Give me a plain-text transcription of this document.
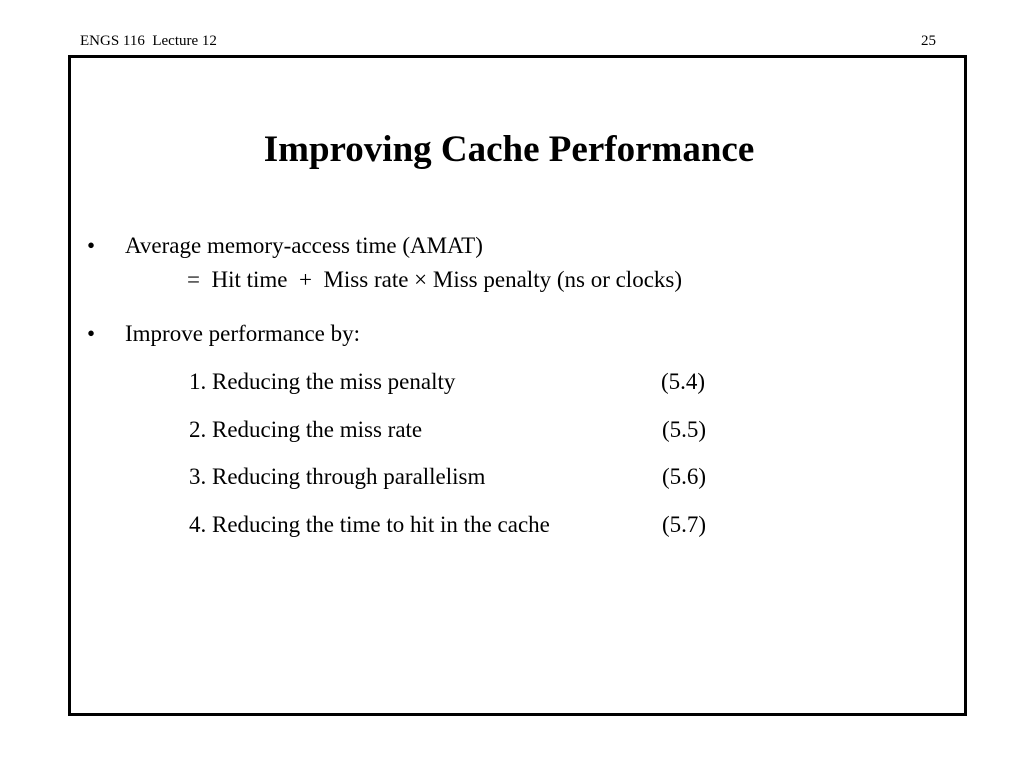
ENGS 116  Lecture 12	25
Improving Cache Performance
• Average memory-access time (AMAT)
=  Hit time  +  Miss rate × Miss penalty (ns or clocks)
• Improve performance by:
1. Reducing the miss penalty	(5.4)
2. Reducing the miss rate	(5.5)
3. Reducing through parallelism	(5.6)
4. Reducing the time to hit in the cache	(5.7)
